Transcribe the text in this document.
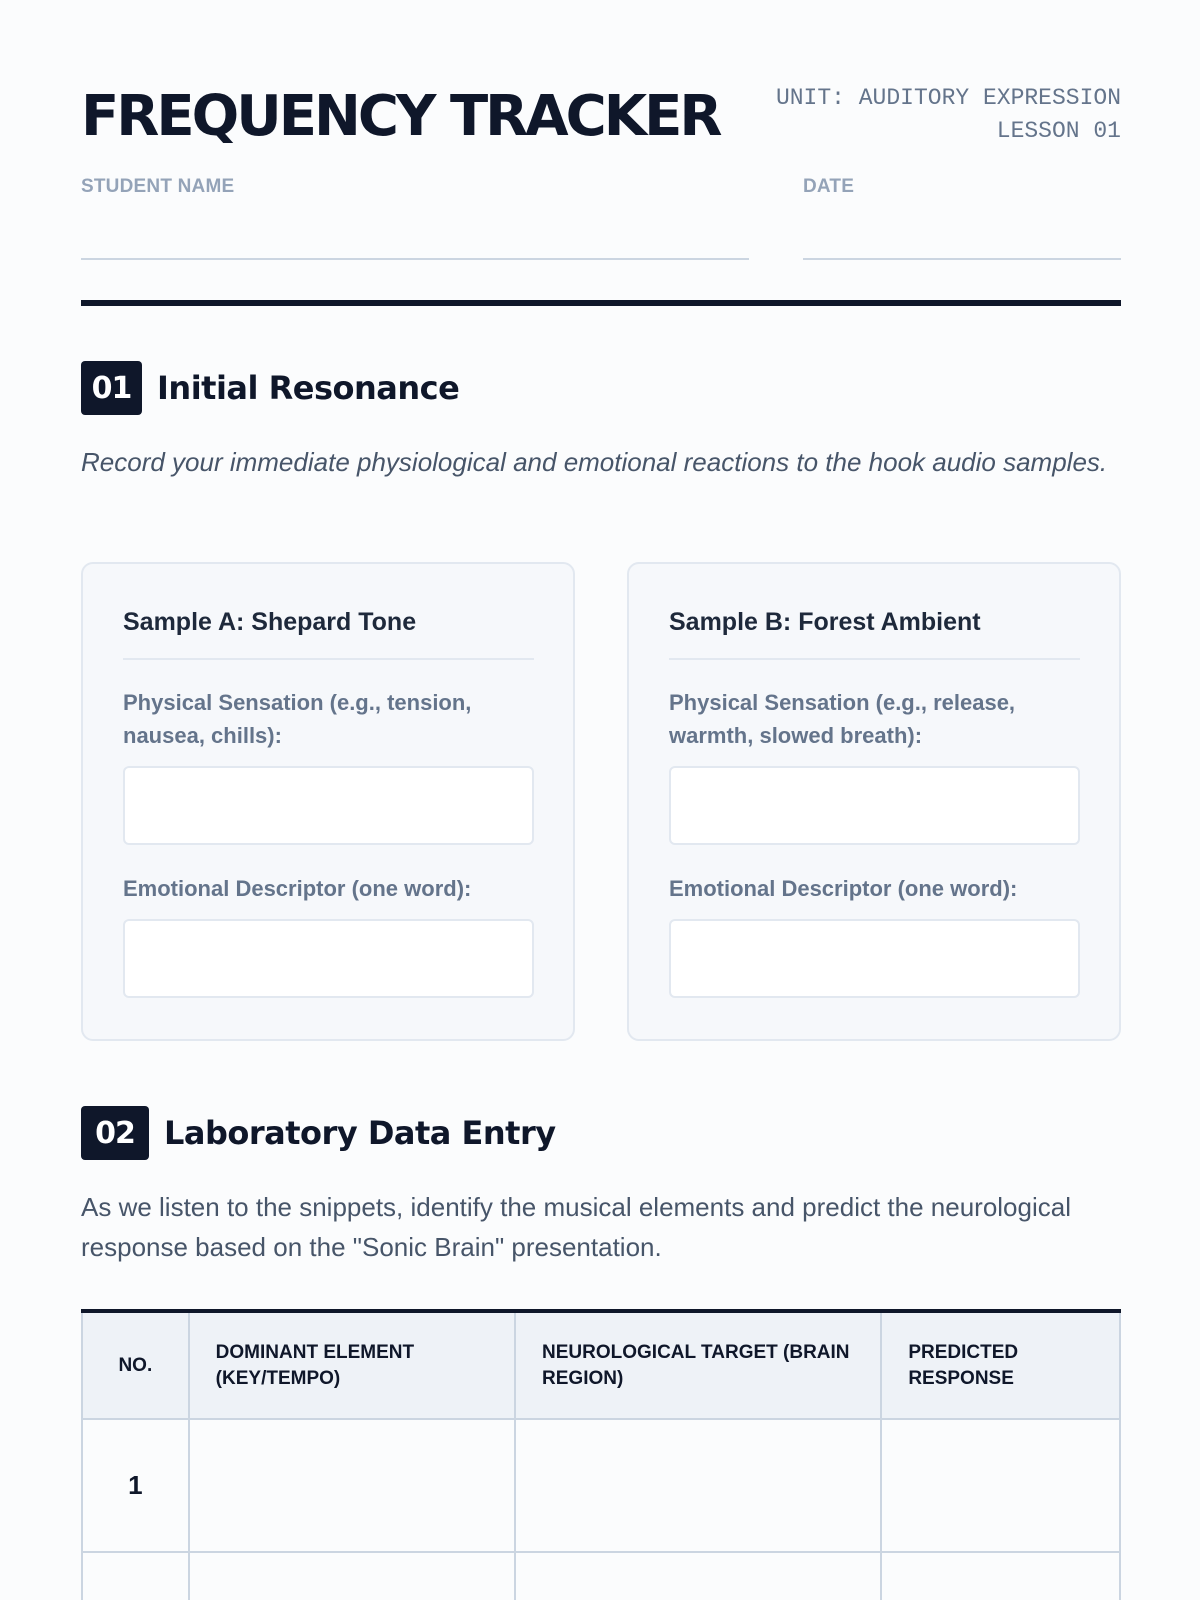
FREQUENCY TRACKER UNIT: AUDITORY EXPRESSION
LESSON 01
STUDENT NAME	DATE
01 Initial Resonance
Record your immediate physiological and emotional reactions to the hook audio samples.
Sample A: Shepard Tone
Physical Sensation (e.g., tension, nausea, chills):
Emotional Descriptor (one word):
Sample B: Forest Ambient
Physical Sensation (e.g., release, warmth, slowed breath):
Emotional Descriptor (one word):
02 Laboratory Data Entry
As we listen to the snippets, identify the musical elements and predict the neurological response based on the "Sonic Brain" presentation.
NO.	DOMINANT ELEMENT (KEY/TEMPO)	NEUROLOGICAL TARGET (BRAIN REGION)	PREDICTED RESPONSE
1			
